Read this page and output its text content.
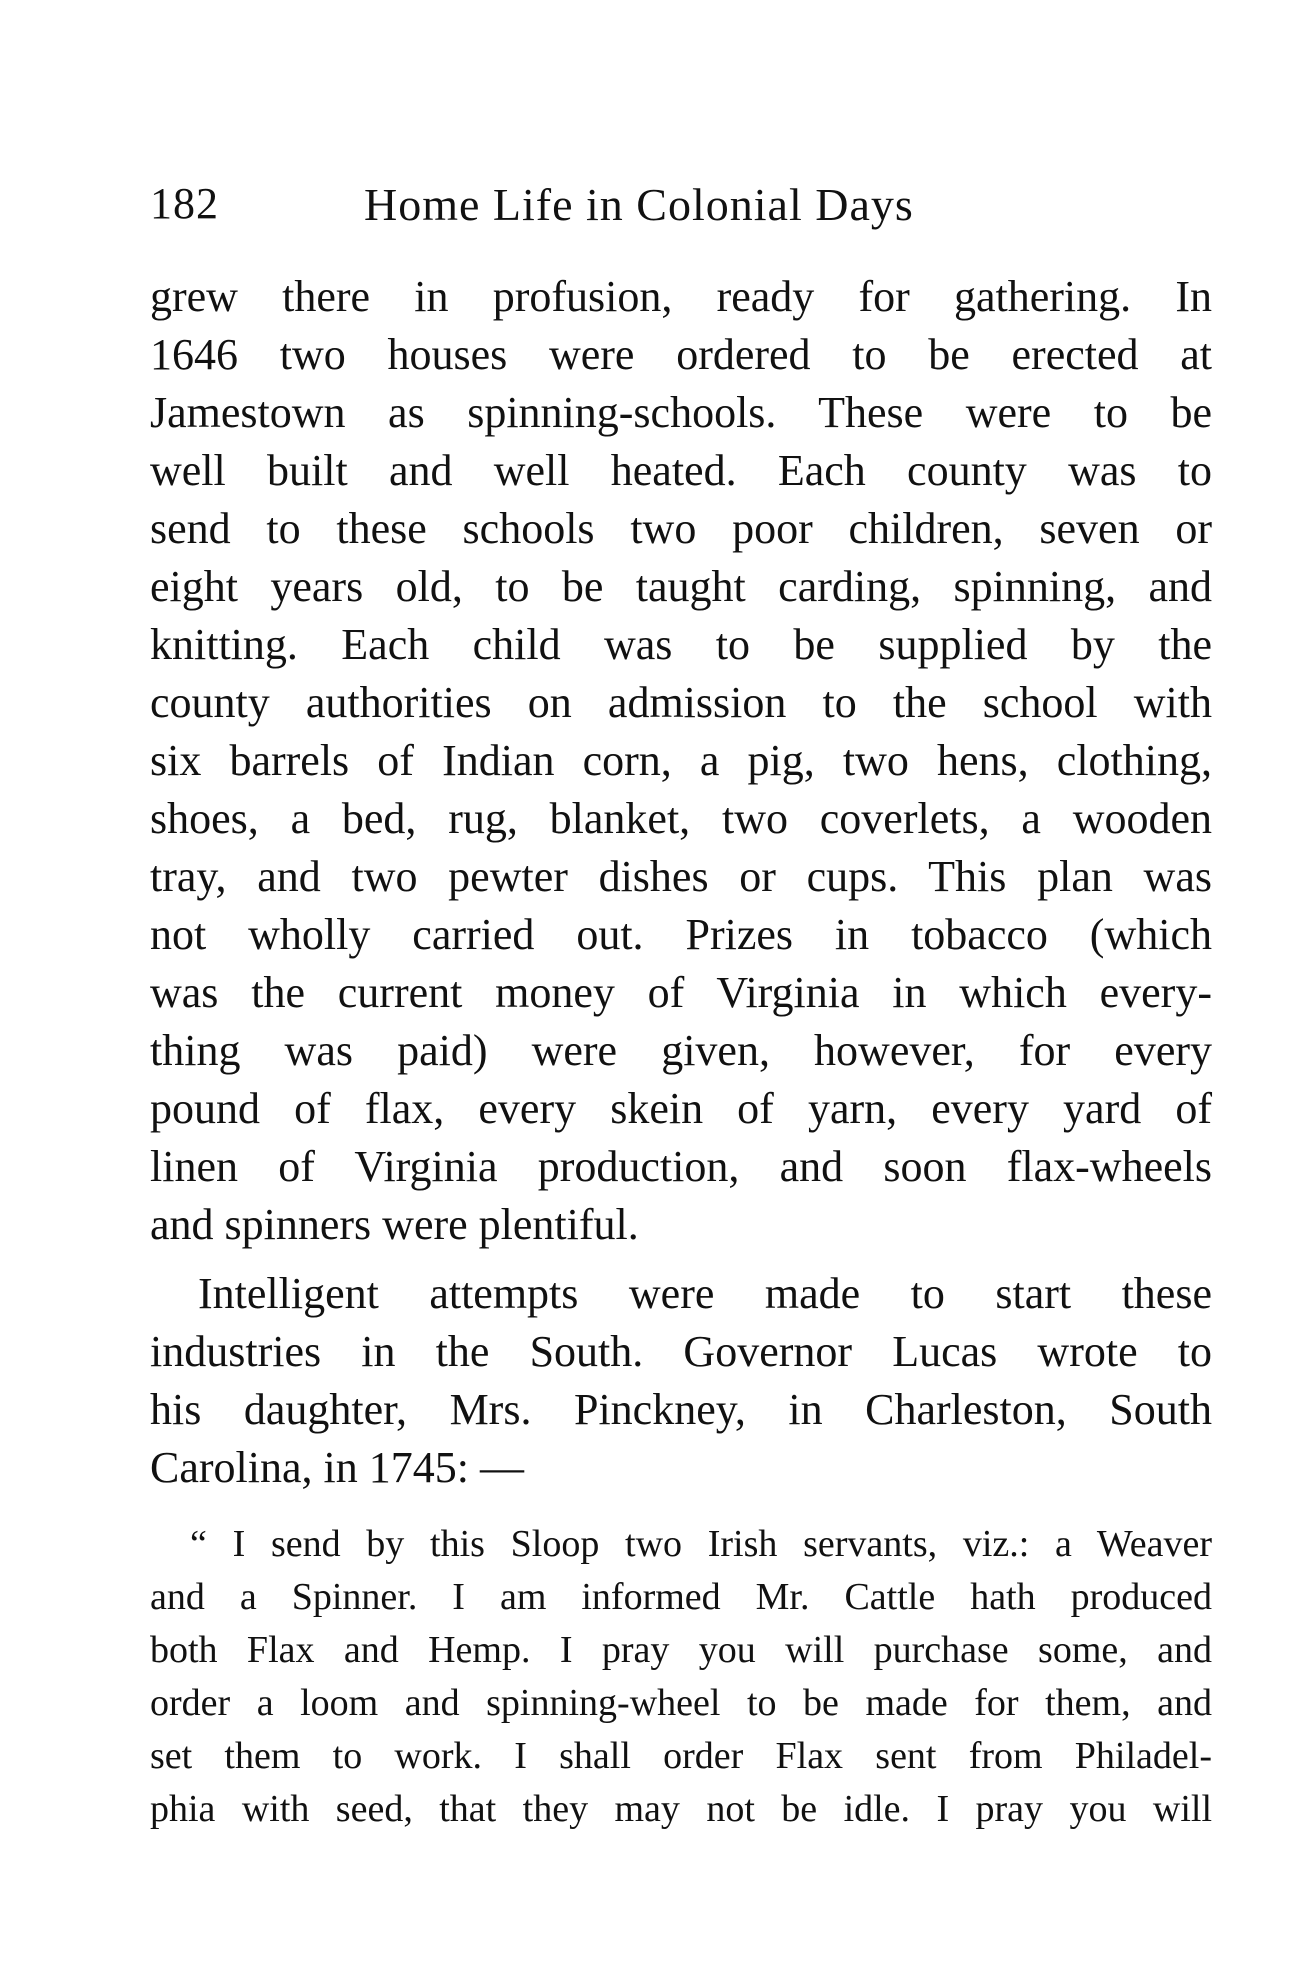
182	Home Life in Colonial Days
grew there in profusion, ready for gathering. In
1646 two houses were ordered to be erected at
Jamestown as spinning-schools. These were to be
well built and well heated. Each county was to
send to these schools two poor children, seven or
eight years old, to be taught carding, spinning, and
knitting. Each child was to be supplied by the
county authorities on admission to the school with
six barrels of Indian corn, a pig, two hens, clothing,
shoes, a bed, rug, blanket, two coverlets, a wooden
tray, and two pewter dishes or cups. This plan was
not wholly carried out. Prizes in tobacco (which
was the current money of Virginia in which every-
thing was paid) were given, however, for every
pound of flax, every skein of yarn, every yard of
linen of Virginia production, and soon flax-wheels
and spinners were plentiful.
Intelligent attempts were made to start these
industries in the South. Governor Lucas wrote to
his daughter, Mrs. Pinckney, in Charleston, South
Carolina, in 1745: —
“ I send by this Sloop two Irish servants, viz.: a Weaver
and a Spinner. I am informed Mr. Cattle hath produced
both Flax and Hemp. I pray you will purchase some, and
order a loom and spinning-wheel to be made for them, and
set them to work. I shall order Flax sent from Philadel-
phia with seed, that they may not be idle. I pray you will
